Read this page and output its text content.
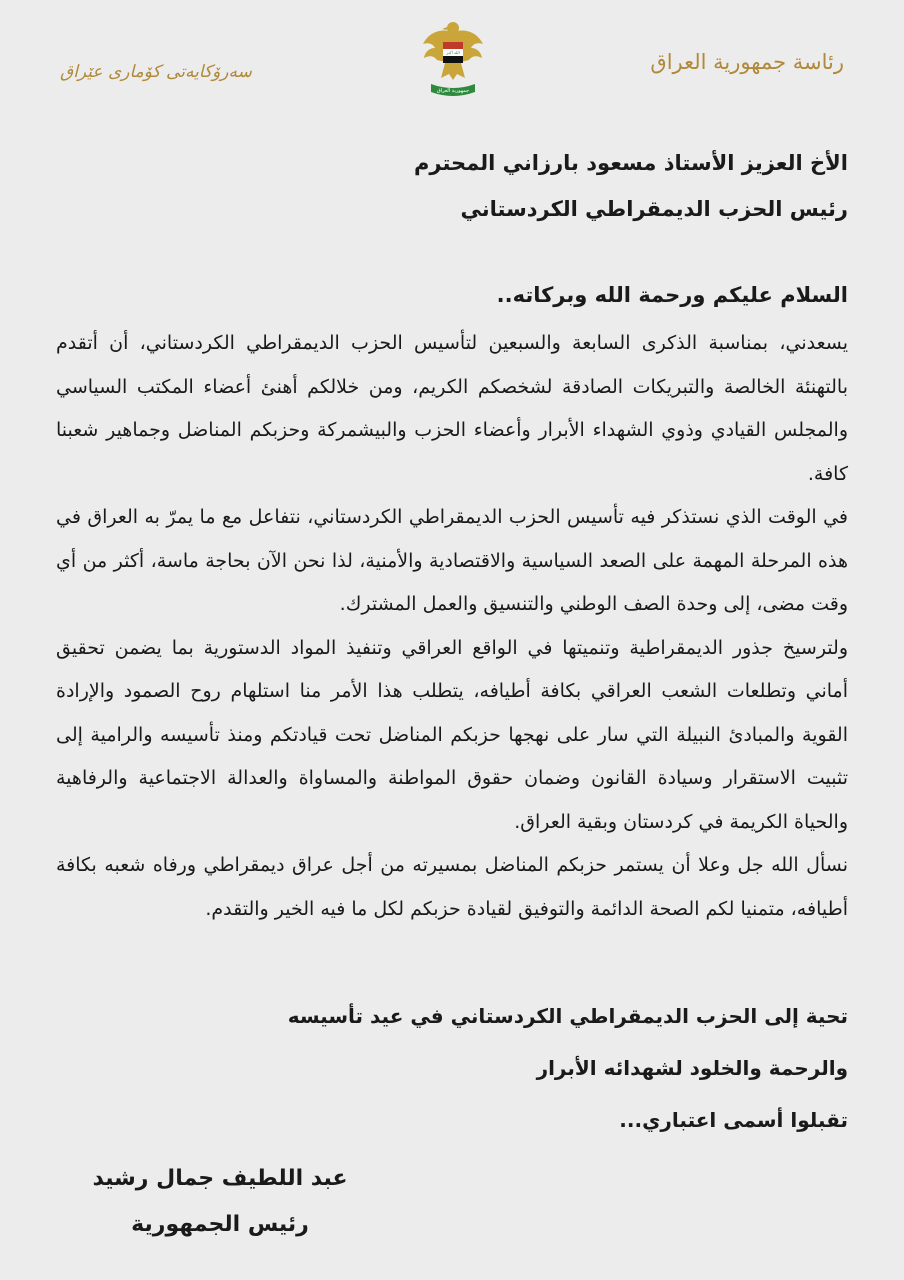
رئاسة جمهورية العراق
الله أكبر
جمهورية العراق
سەرۆکایەتی کۆماری عێراق
الأخ العزيز الأستاذ مسعود بارزاني المحترم
رئيس الحزب الديمقراطي الكردستاني
السلام عليكم ورحمة الله وبركاته..

يسعدني، بمناسبة الذكرى السابعة والسبعين لتأسيس الحزب الديمقراطي الكردستاني، أن أتقدم بالتهنئة الخالصة والتبريكات الصادقة لشخصكم الكريم، ومن خلالكم أهنئ أعضاء المكتب السياسي والمجلس القيادي وذوي الشهداء الأبرار وأعضاء الحزب والبيشمركة وحزبكم المناضل وجماهير شعبنا كافة.

في الوقت الذي نستذكر فيه تأسيس الحزب الديمقراطي الكردستاني، نتفاعل مع ما يمرّ به العراق في هذه المرحلة المهمة على الصعد السياسية والاقتصادية والأمنية، لذا نحن الآن بحاجة ماسة، أكثر من أي وقت مضى، إلى وحدة الصف الوطني والتنسيق والعمل المشترك.

ولترسيخ جذور الديمقراطية وتنميتها في الواقع العراقي وتنفيذ المواد الدستورية بما يضمن تحقيق أماني وتطلعات الشعب العراقي بكافة أطيافه، يتطلب هذا الأمر منا استلهام روح الصمود والإرادة القوية والمبادئ النبيلة التي سار على نهجها حزبكم المناضل تحت قيادتكم ومنذ تأسيسه والرامية إلى تثبيت الاستقرار وسيادة القانون وضمان حقوق المواطنة والمساواة والعدالة الاجتماعية والرفاهية والحياة الكريمة في كردستان وبقية العراق.

نسأل الله جل وعلا أن يستمر حزبكم المناضل بمسيرته من أجل عراق ديمقراطي ورفاه شعبه بكافة أطيافه، متمنيا لكم الصحة الدائمة والتوفيق لقيادة حزبكم لكل ما فيه الخير والتقدم.

تحية إلى الحزب الديمقراطي الكردستاني في عيد تأسيسه
والرحمة والخلود لشهدائه الأبرار
تقبلوا أسمى اعتباري...
عبد اللطيف جمال رشيد
رئيس الجمهورية
